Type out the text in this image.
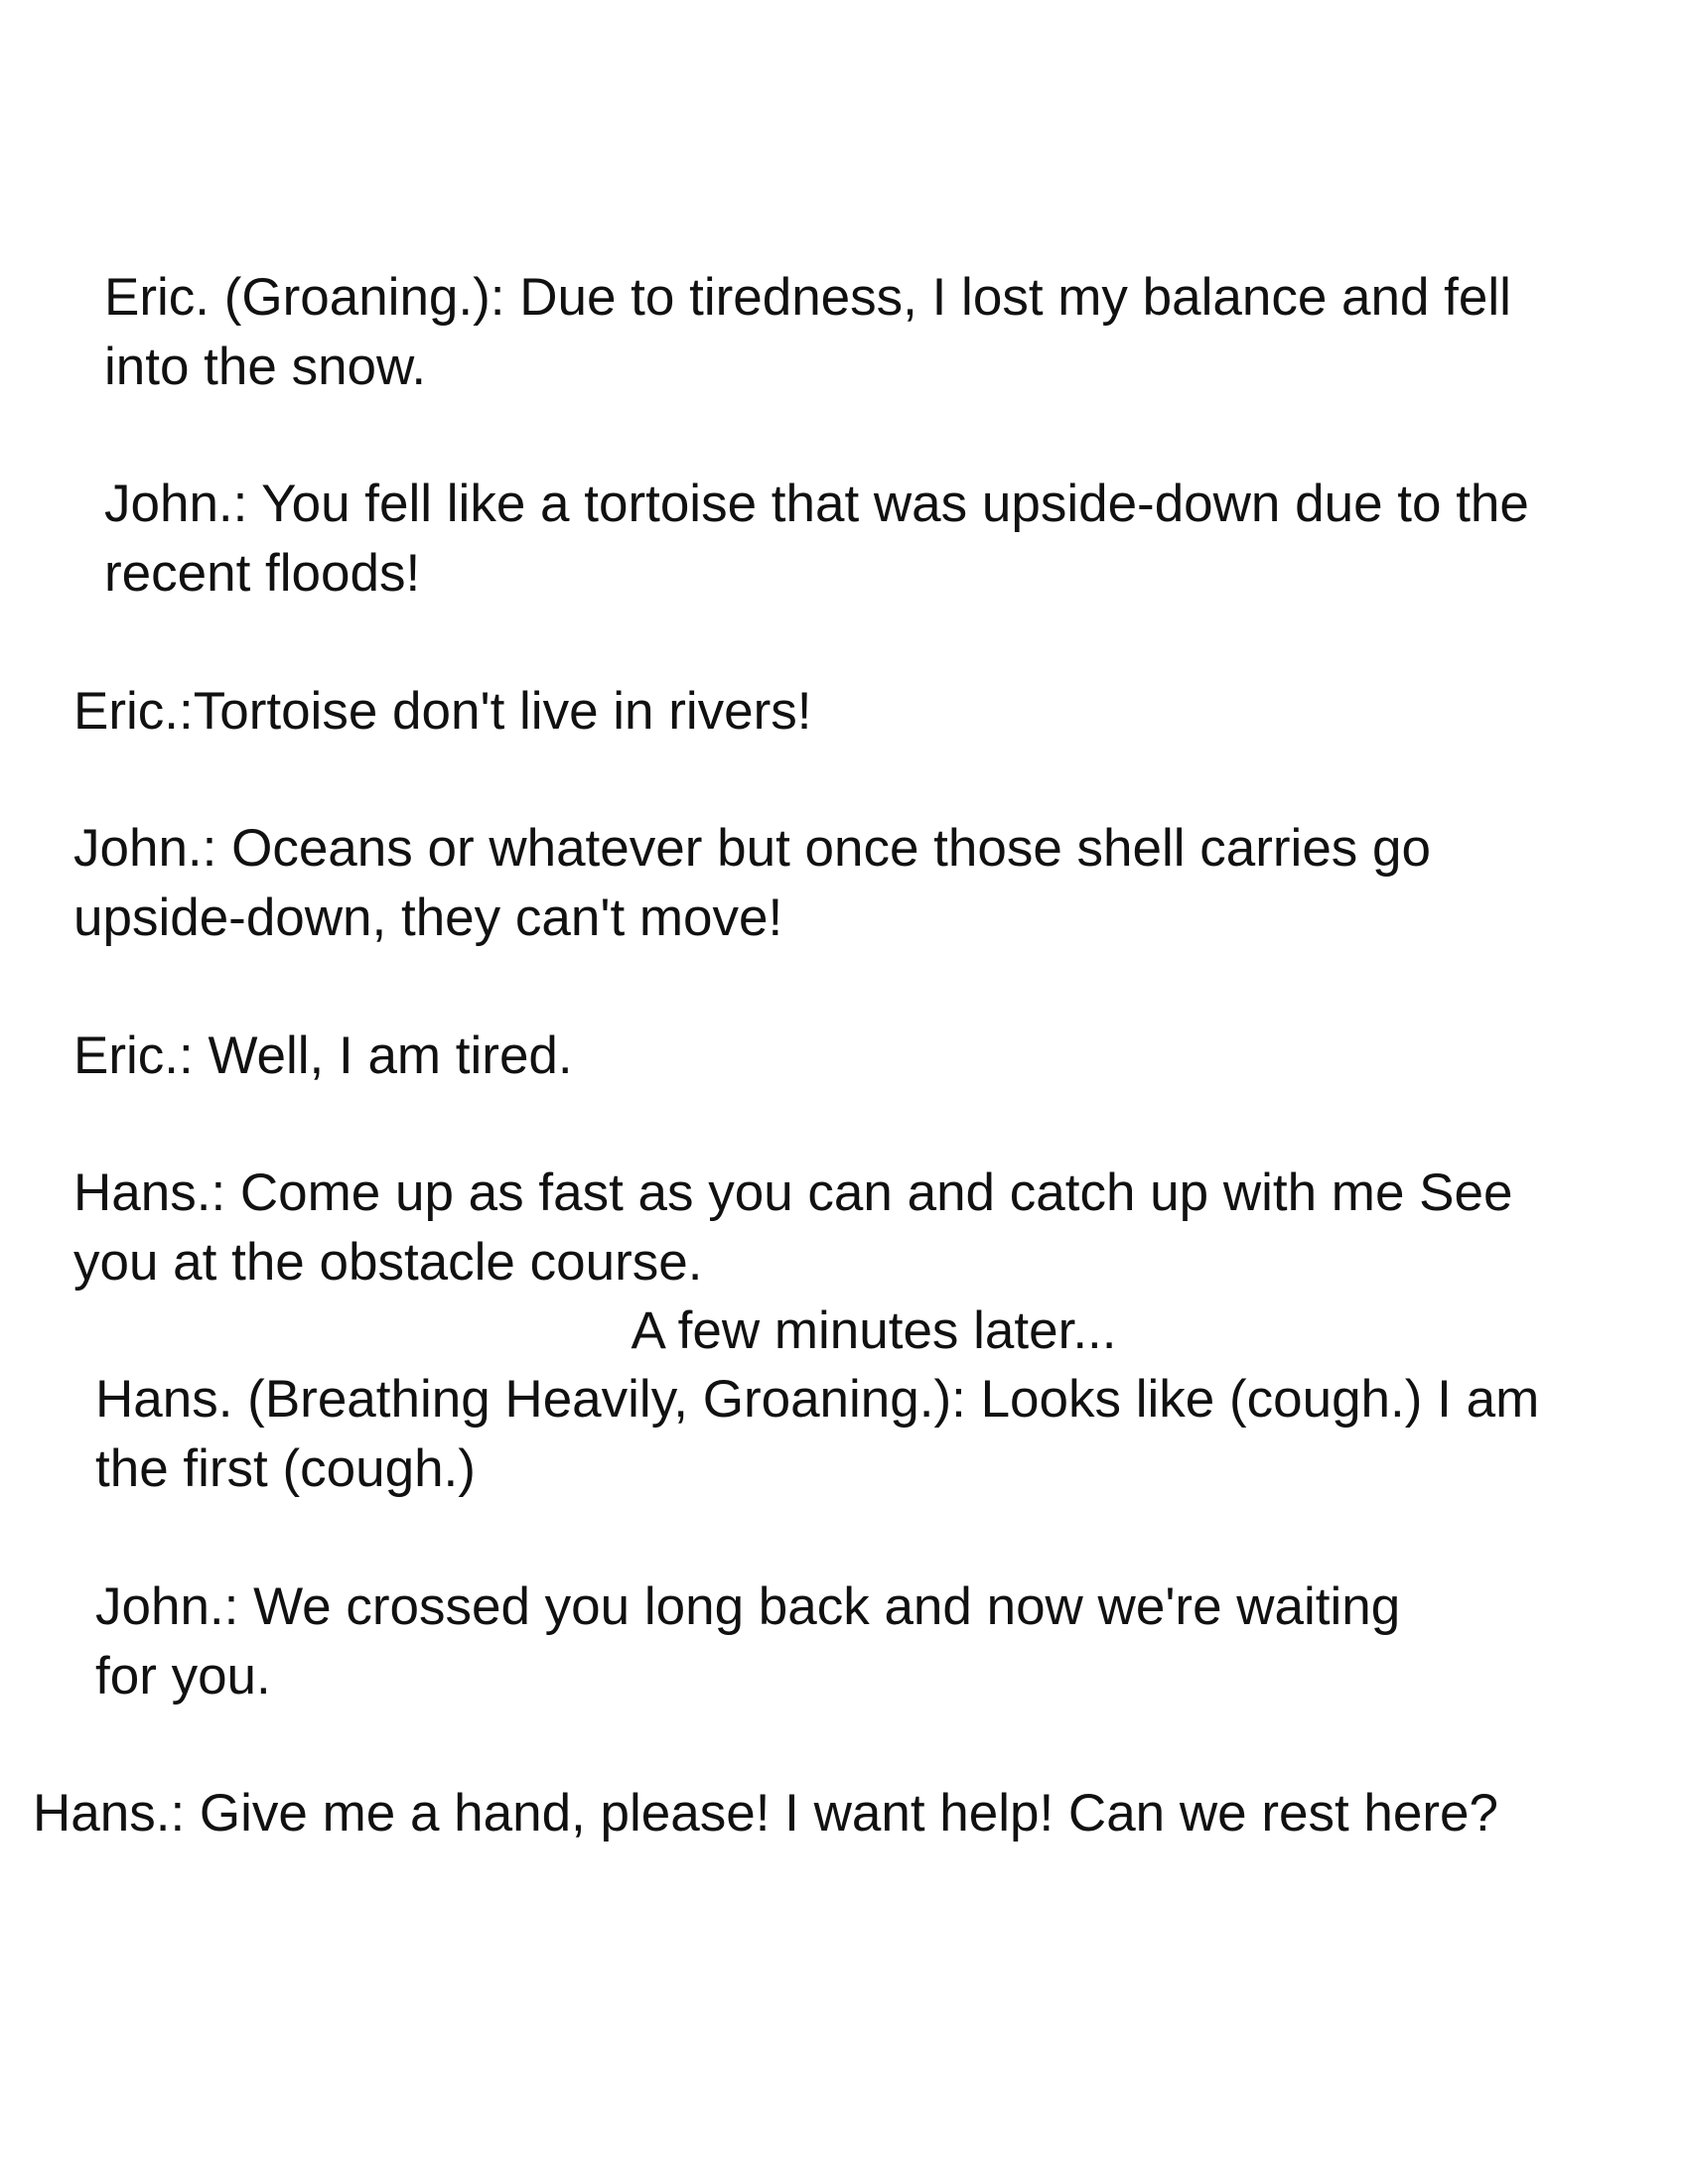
Eric. (Groaning.): Due to tiredness, I lost my balance and fell

into the snow.

John.: You fell like a tortoise that was upside-down due to the

recent floods!

Eric.:Tortoise don't live in rivers!

John.: Oceans or whatever but once those shell carries go

upside-down, they can't move!

Eric.: Well, I am tired.

Hans.: Come up as fast as you can and catch up with me See

you at the obstacle course.

A few minutes later...

Hans. (Breathing Heavily, Groaning.): Looks like (cough.) I am

the first (cough.)

John.: We crossed you long back and now we're waiting

for you.

Hans.: Give me a hand, please! I want help! Can we rest here?
